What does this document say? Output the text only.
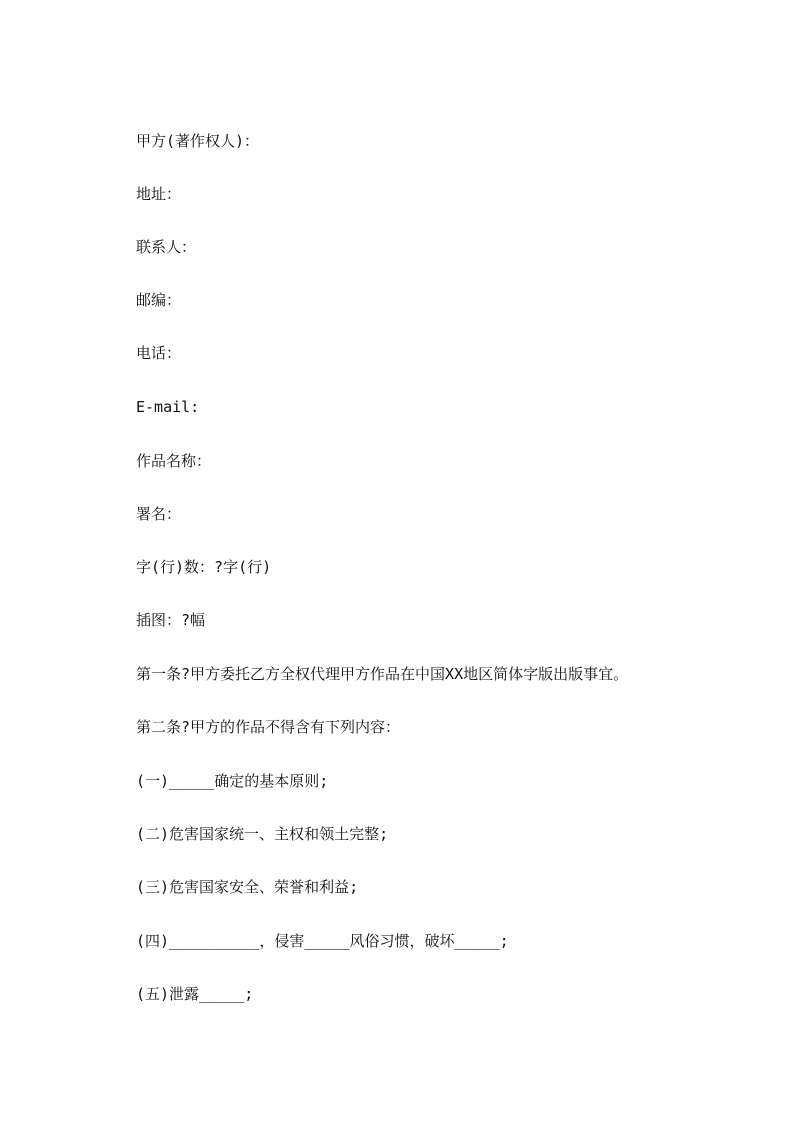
甲方(著作权人)：

地址：

联系人：

邮编：

电话：

E-mail:

作品名称：

署名：

字(行)数：?字(行)

插图：?幅

第一条?甲方委托乙方全权代理甲方作品在中国XX地区简体字版出版事宜。

第二条?甲方的作品不得含有下列内容：

(一)_____确定的基本原则;

(二)危害国家统一、主权和领土完整;

(三)危害国家安全、荣誉和利益;

(四)__________，侵害_____风俗习惯，破坏_____;

(五)泄露_____;
